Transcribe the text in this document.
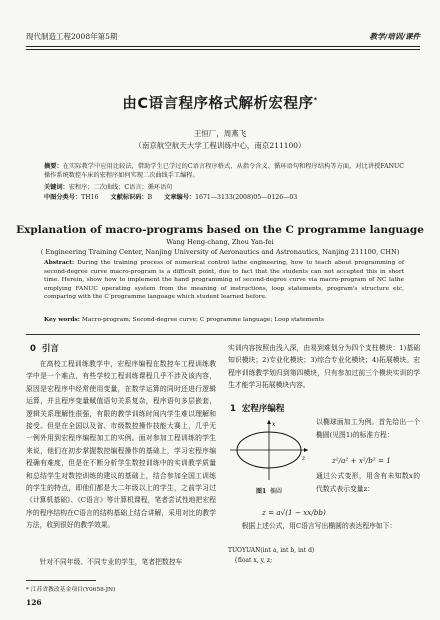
现代制造工程2008年第5期	教学/培训/课件
由C语言程序格式解析宏程序*
王恒厂，周燕飞
（南京航空航天大学工程训练中心，南京211100）
摘要：在实际教学中应用比较法，借助学生已学过的C语言程序格式，从指令含义、循环语句和程序结构等方面，对比讲授FANUC操作系统数控车床的宏程序如何实现二次曲线手工编程。
关键词：宏程序；二次曲线；C语言；循环语句
中图分类号：TH16 文献标识码：B 文章编号：1671—3133(2008)05—0126—03
Explanation of macro-programs based on the C programme language
Wang Heng-chang, Zhou Yan-fei
( Engineering Training Center, Nanjing University of Aeronautics and Astronautics, Nanjing 211100, CHN)
Abstract: During the training process of numerical control lathe engineering, how to teach about programming of second-degree curve macro-program is a difficult point, due to fact that the students can not accepted this in short time. Herein, show how to implement the hand programming of second-degree curve via macro-program of NC lathe emplying FANUC operating system from the meaning of instructions, loop statements, program's structure etc, comparing with the C programme language which student learned before.
Key words: Macro-program; Second-degree curve; C programme language; Loop statements
0 引言
在高校工程训练教学中，宏程序编程在数控车工程训练教学中是一个难点，有些学校工程训练课程几乎不涉及该内容，原因是宏程序中经常使用变量，在数学运算的同时还进行逻辑运算，并且程序变量赋值语句关系复杂，程序语句多层嵌套，逻辑关系理解性很强，有限的教学训练时间内学生难以理解和接受。但是在全国以及省、市级数控操作技能大赛上，几乎无一例外用到宏程序编程加工的实例。面对参加工程训练的学生来说，他们在初步掌握数控编程操作的基础上，学习宏程序编程确有难度，但是在不断分析学生数控训练中的实训教学质量和总结学生对数控训练的建议的基础上，结合参加全国工训练的学生的特点，即他们都是大二年级以上的学生，之前学习过《计算机基础》、《C语言》等计算机课程，笔者尝试性地把宏程序的程序结构在C语言的结构基础上结合讲解，采用对比的教学方法，收到很好的教学效果。
针对不同年级、不同专业的学生，笔者把数控车
实训内容按照由浅入深，由易到难划分为四个支柱模块：1)基础知识模块；2)专业化模块；3)综合专业化模块；4)拓展模块。宏程序训练教学划归到第四模块，只有参加过前三个模块实训的学生才能学习拓展模块内容。
1 宏程序编程
以椭球面加工为例。首先给出一个椭圆(见图1)的标准方程：
z²/a² + x²/b² = 1
通过公式变形，用含有未知数x的代数式表示变量z：
z
x
图1 椭圆
z = a√(1 − xx/bb)
根据上述公式，用C语言写出椭圆的表达程序如下：
TUOYUAN(int a, int b, int d)
{float x, y, z;
* 江苏省教改基金项目(Y0658-JN)
126
